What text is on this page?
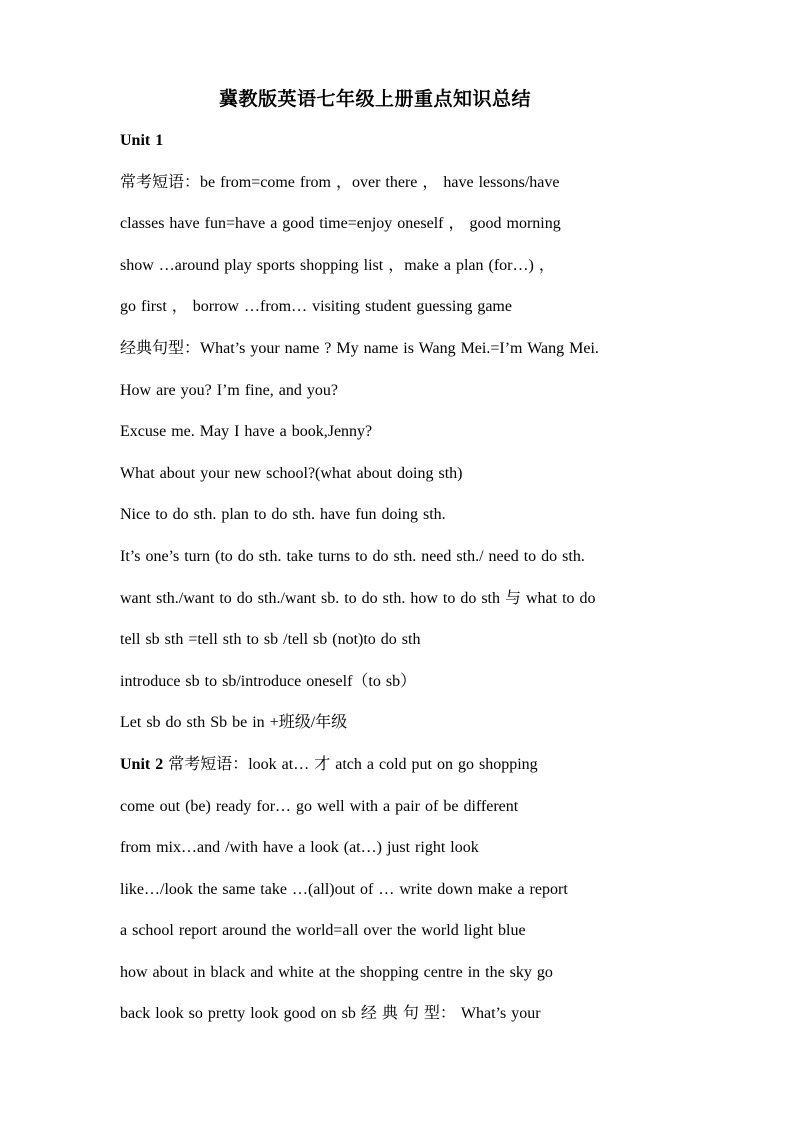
冀教版英语七年级上册重点知识总结
Unit 1
常考短语：be from=come from ，over there ， have lessons/have
classes have fun=have a good time=enjoy oneself ， good morning
show …around play sports shopping list ，make a plan (for…) ，
go first ， borrow …from… visiting student guessing game
经典句型：What’s your name ? My name is Wang Mei.=I’m Wang Mei.
How are you? I’m fine, and you?
Excuse me. May I have a book,Jenny?
What about your new school?(what about doing sth)
Nice to do sth. plan to do sth. have fun doing sth.
It’s one’s turn (to do sth. take turns to do sth. need sth./ need to do sth.
want sth./want to do sth./want sb. to do sth. how to do sth 与 what to do
tell sb sth =tell sth to sb /tell sb (not)to do sth
introduce sb to sb/introduce oneself（to sb）
Let sb do sth Sb be in +班级/年级
Unit 2 常考短语：look at… 才 atch a cold put on go shopping
come out (be) ready for… go well with a pair of be different
from mix…and /with have a look (at…) just right look
like…/look the same take …(all)out of … write down make a report
a school report around the world=all over the world light blue
how about in black and white at the shopping centre in the sky go
back look so pretty look good on sb 经 典 句 型： What’s your
